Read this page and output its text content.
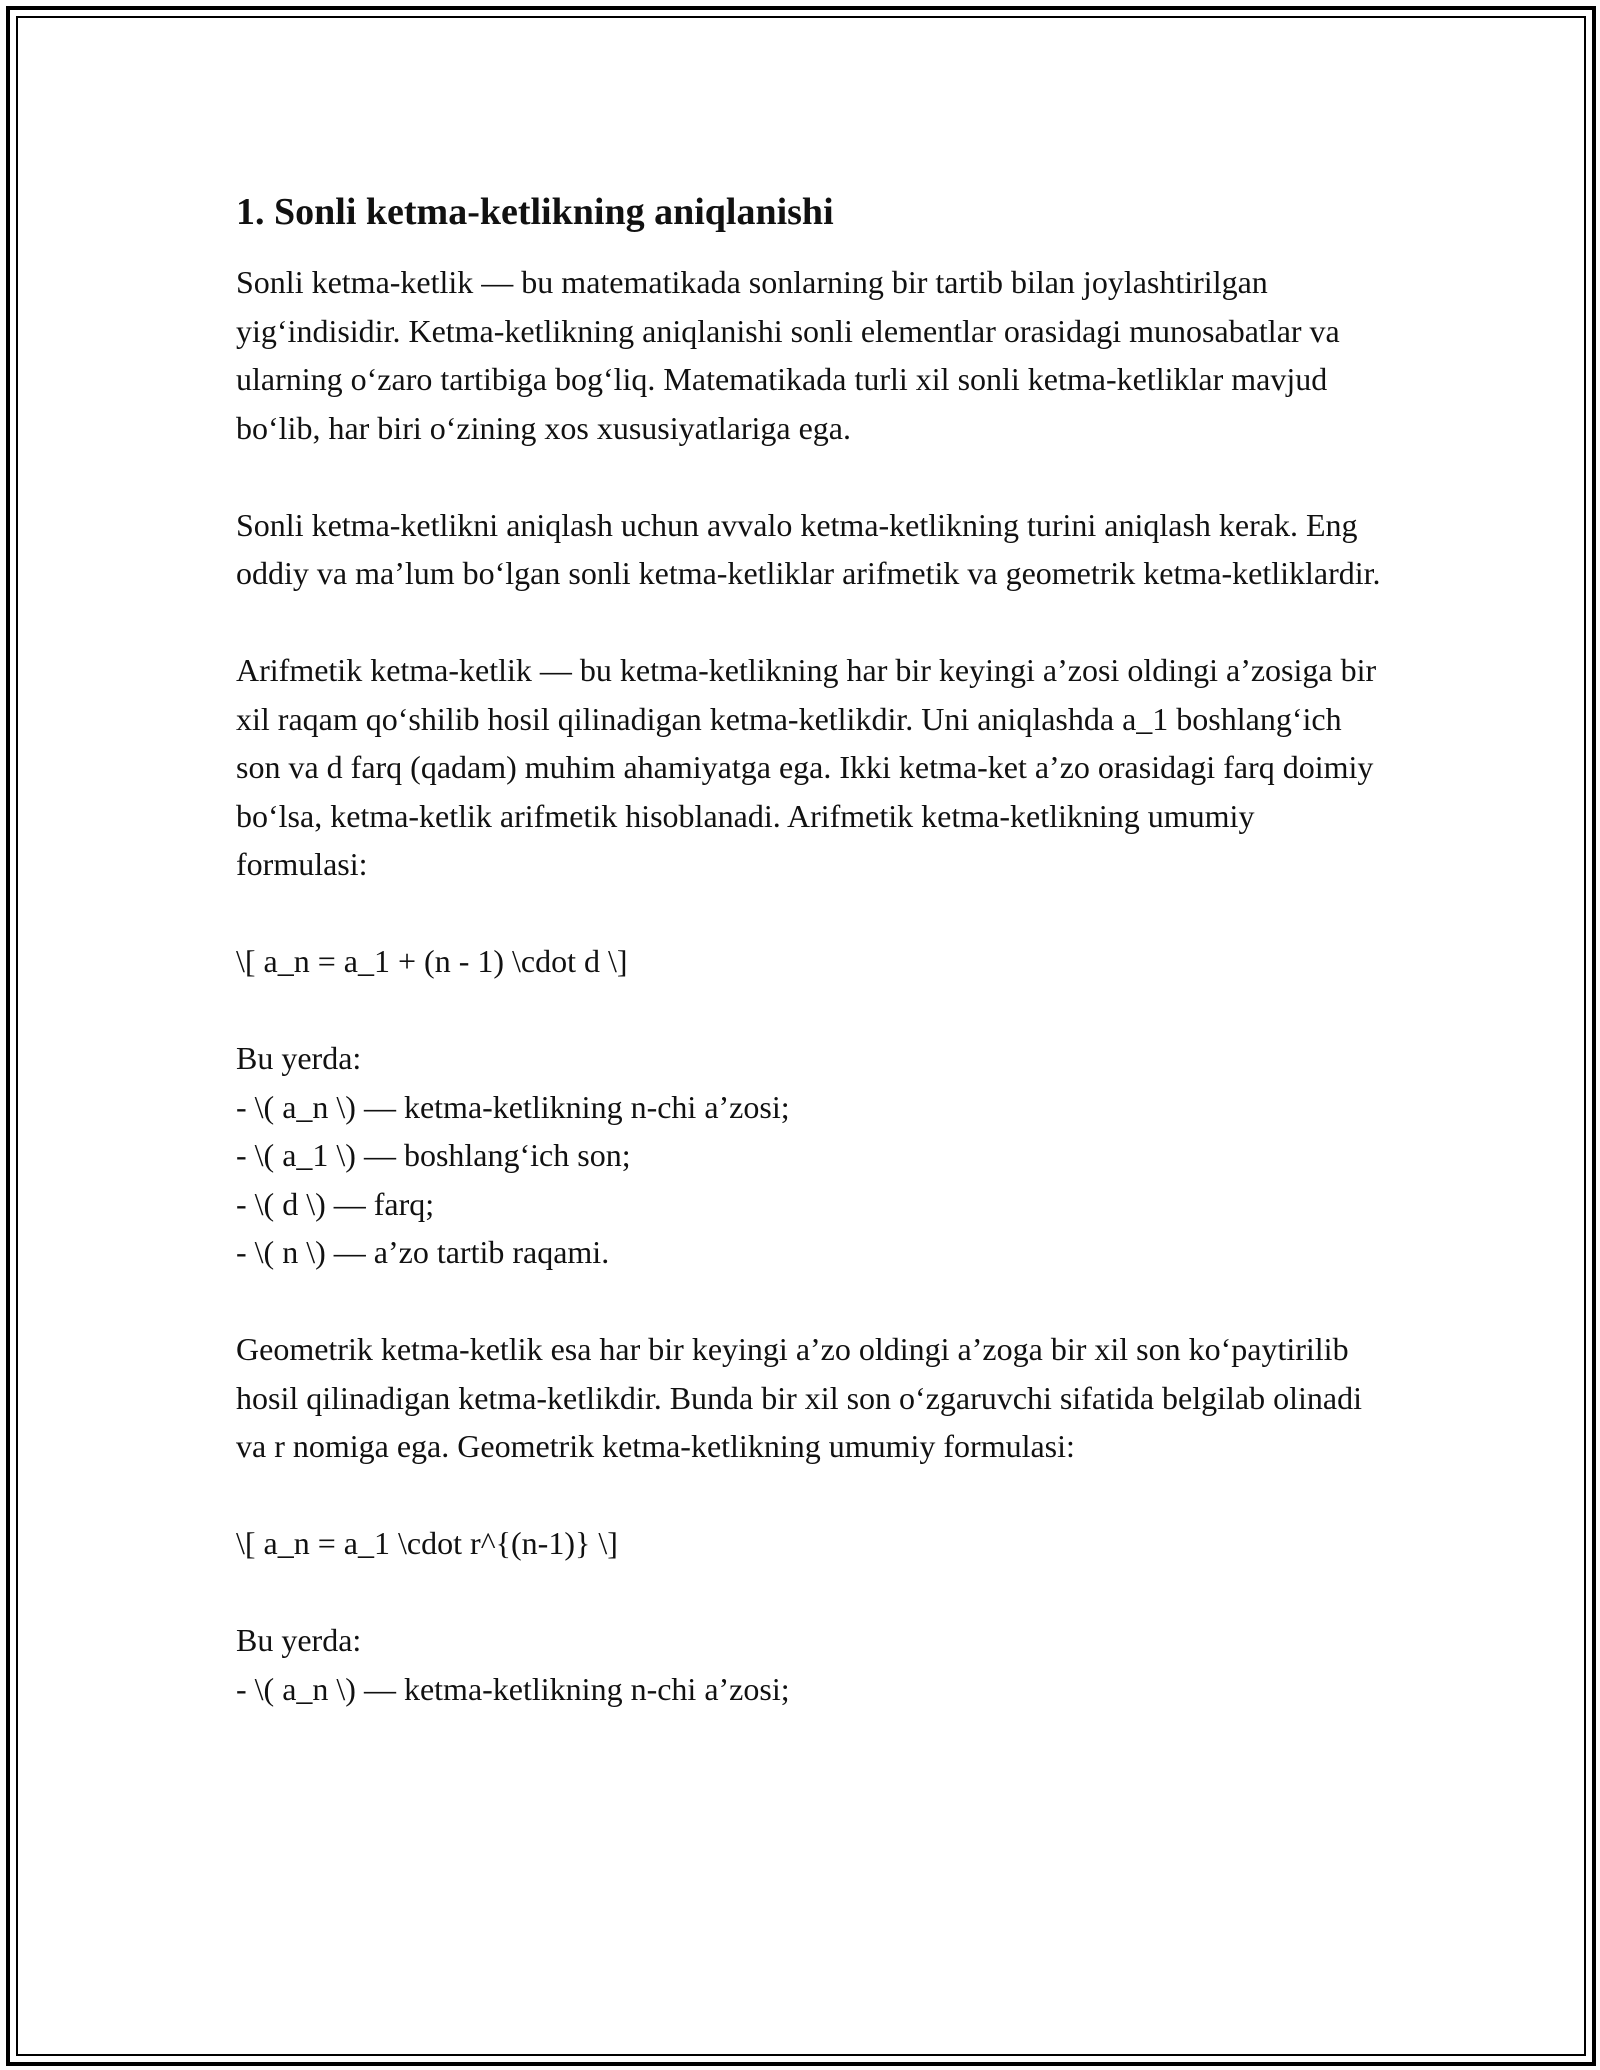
1. Sonli ketma-ketlikning aniqlanishi

Sonli ketma-ketlik — bu matematikada sonlarning bir tartib bilan joylashtirilgan yig‘indisidir. Ketma-ketlikning aniqlanishi sonli elementlar orasidagi munosabatlar va ularning o‘zaro tartibiga bog‘liq. Matematikada turli xil sonli ketma-ketliklar mavjud bo‘lib, har biri o‘zining xos xususiyatlariga ega.

Sonli ketma-ketlikni aniqlash uchun avvalo ketma-ketlikning turini aniqlash kerak. Eng oddiy va ma’lum bo‘lgan sonli ketma-ketliklar arifmetik va geometrik ketma-ketliklardir.

Arifmetik ketma-ketlik — bu ketma-ketlikning har bir keyingi a’zosi oldingi a’zosiga bir xil raqam qo‘shilib hosil qilinadigan ketma-ketlikdir. Uni aniqlashda a_1 boshlang‘ich son va d farq (qadam) muhim ahamiyatga ega. Ikki ketma-ket a’zo orasidagi farq doimiy bo‘lsa, ketma-ketlik arifmetik hisoblanadi. Arifmetik ketma-ketlikning umumiy formulasi:

\[ a_n = a_1 + (n - 1) \cdot d \]

Bu yerda:
- \( a_n \) — ketma-ketlikning n-chi a’zosi;
- \( a_1 \) — boshlang‘ich son;
- \( d \) — farq;
- \( n \) — a’zo tartib raqami.

Geometrik ketma-ketlik esa har bir keyingi a’zo oldingi a’zoga bir xil son ko‘paytirilib hosil qilinadigan ketma-ketlikdir. Bunda bir xil son o‘zgaruvchi sifatida belgilab olinadi va r nomiga ega. Geometrik ketma-ketlikning umumiy formulasi:

\[ a_n = a_1 \cdot r^{(n-1)} \]

Bu yerda:
- \( a_n \) — ketma-ketlikning n-chi a’zosi;
